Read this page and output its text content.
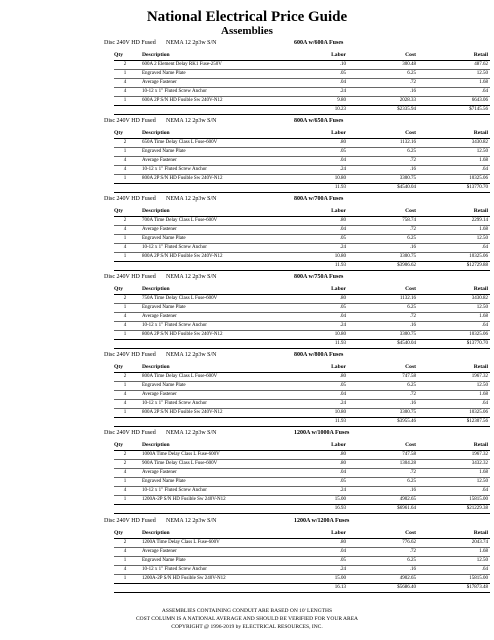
National Electrical Price Guide
Assemblies
Disc 240V HD Fused NEMA 12 2p3w S/N	600A w/600A Fuses
Qty	Description	Labor	Cost	Retail
2	600A 2 Element Delay RK1 Fuse-250V	.10	300.48	487.62
1	Engraved Name Plate	.05	6.25	12.50
4	Average Fastener	.04	.72	1.68
4	10-12 x 1" Fluted Screw Anchor	.24	.16	.64
1	600A 2P S/N HD Fusible Sw 240V-N12	9.80	2028.33	6643.06
		10.23	$2335.94	$7145.56
Disc 240V HD Fused NEMA 12 2p3w S/N	800A w/650A Fuses
Qty	Description	Labor	Cost	Retail
2	650A Time Delay Class L Fuse-600V	.80	1132.16	3430.82
1	Engraved Name Plate	.05	6.25	12.50
4	Average Fastener	.04	.72	1.68
4	10-12 x 1" Fluted Screw Anchor	.24	.16	.64
1	800A 2P S/N HD Fusible Sw 240V-N12	10.80	3300.75	10325.06
		11.93	$4540.04	$13770.70
Disc 240V HD Fused NEMA 12 2p3w S/N	800A w/700A Fuses
Qty	Description	Labor	Cost	Retail
2	700A Time Delay Class L Fuse-600V	.80	758.74	2299.14
4	Average Fastener	.04	.72	1.68
1	Engraved Name Plate	.05	6.25	12.50
4	10-12 x 1" Fluted Screw Anchor	.24	.16	.64
1	800A 2P S/N HD Fusible Sw 240V-N12	10.80	3300.75	10325.06
		11.93	$3906.62	$12729.88
Disc 240V HD Fused NEMA 12 2p3w S/N	800A w/750A Fuses
Qty	Description	Labor	Cost	Retail
2	750A Time Delay Class L Fuse-600V	.80	1132.16	3430.82
1	Engraved Name Plate	.05	6.25	12.50
4	Average Fastener	.04	.72	1.68
4	10-12 x 1" Fluted Screw Anchor	.24	.16	.64
1	800A 2P S/N HD Fusible Sw 240V-N12	10.80	3300.75	10325.06
		11.93	$4540.04	$13770.70
Disc 240V HD Fused NEMA 12 2p3w S/N	800A w/800A Fuses
Qty	Description	Labor	Cost	Retail
2	800A Time Delay Class L Fuse-600V	.80	747.58	1967.32
1	Engraved Name Plate	.05	6.25	12.50
4	Average Fastener	.04	.72	1.68
4	10-12 x 1" Fluted Screw Anchor	.24	.16	.64
1	800A 2P S/N HD Fusible Sw 240V-N12	10.80	3300.75	10325.06
		11.93	$3955.46	$12307.56
Disc 240V HD Fused NEMA 12 2p3w S/N	1200A w/1000A Fuses
Qty	Description	Labor	Cost	Retail
2	1000A Time Delay Class L Fuse-600V	.80	747.58	1967.32
2	900A Time Delay Class L Fuse-600V	.80	1304.28	3432.32
4	Average Fastener	.04	.72	1.68
1	Engraved Name Plate	.05	6.25	12.50
4	10-12 x 1" Fluted Screw Anchor	.24	.16	.64
1	1200A-2P S/N HD Fusible Sw 240V-N12	15.00	4902.65	15815.00
		16.93	$6961.64	$21229.38
Disc 240V HD Fused NEMA 12 2p3w S/N	1200A w/1200A Fuses
Qty	Description	Labor	Cost	Retail
2	1200A Time Delay Class L Fuse-600V	.80	776.62	2043.74
4	Average Fastener	.04	.72	1.68
1	Engraved Name Plate	.05	6.25	12.50
4	10-12 x 1" Fluted Screw Anchor	.24	.16	.64
1	1200A-2P S/N HD Fusible Sw 240V-N12	15.00	4902.65	15815.00
		16.13	$5686.40	$17873.48
ASSEMBLIES CONTAINING CONDUIT ARE BASED ON 10' LENGTHS
COST COLUMN IS A NATIONAL AVERAGE AND SHOULD BE VERIFIED FOR YOUR AREA
COPYRIGHT @ 1996-2019 by ELECTRICAL RESOURCES, INC.
